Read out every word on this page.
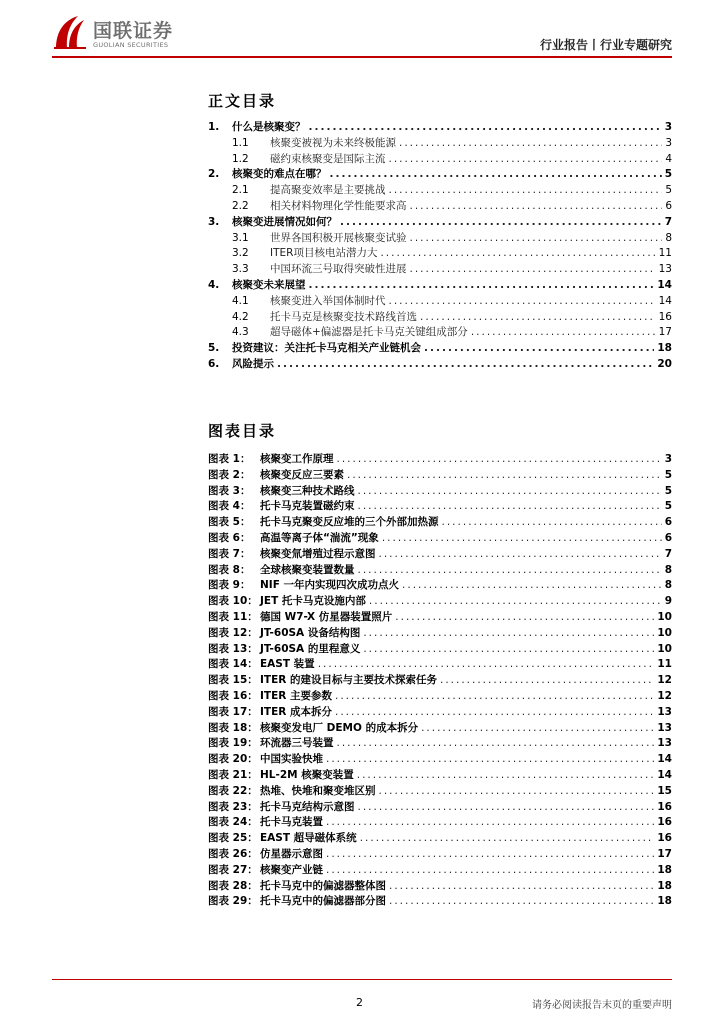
国联证券
GUOLIAN SECURITIES	行业报告丨行业专题研究
正文目录
1.	什么是核聚变？ .....	3
1.1	核聚变被视为未来终极能源 .....	3
1.2	磁约束核聚变是国际主流 .....	4
2.	核聚变的难点在哪？ .....	5
2.1	提高聚变效率是主要挑战 .....	5
2.2	相关材料物理化学性能要求高 .....	6
3.	核聚变进展情况如何？ .....	7
3.1	世界各国积极开展核聚变试验 .....	8
3.2	ITER项目核电站潜力大 .....	11
3.3	中国环流三号取得突破性进展 .....	13
4.	核聚变未来展望 .....	14
4.1	核聚变进入举国体制时代 .....	14
4.2	托卡马克是核聚变技术路线首选 .....	16
4.3	超导磁体+偏滤器是托卡马克关键组成部分 .....	17
5.	投资建议：关注托卡马克相关产业链机会 .....	18
6.	风险提示 .....	20
图表目录
图表 1： 核聚变工作原理 .....	3
图表 2： 核聚变反应三要素 .....	5
图表 3： 核聚变三种技术路线 .....	5
图表 4： 托卡马克装置磁约束 .....	5
图表 5： 托卡马克聚变反应堆的三个外部加热源 .....	6
图表 6： 高温等离子体“湍流”现象 .....	6
图表 7： 核聚变氚增殖过程示意图 .....	7
图表 8： 全球核聚变装置数量 .....	8
图表 9： NIF 一年内实现四次成功点火 .....	8
图表 10： JET 托卡马克设施内部 .....	9
图表 11： 德国 W7-X 仿星器装置照片 .....	10
图表 12： JT-60SA 设备结构图 .....	10
图表 13： JT-60SA 的里程意义 .....	10
图表 14： EAST 装置 .....	11
图表 15： ITER 的建设目标与主要技术探索任务 .....	12
图表 16： ITER 主要参数 .....	12
图表 17： ITER 成本拆分 .....	13
图表 18： 核聚变发电厂 DEMO 的成本拆分 .....	13
图表 19： 环流器三号装置 .....	13
图表 20： 中国实验快堆 .....	14
图表 21： HL-2M 核聚变装置 .....	14
图表 22： 热堆、快堆和聚变堆区别 .....	15
图表 23： 托卡马克结构示意图 .....	16
图表 24： 托卡马克装置 .....	16
图表 25： EAST 超导磁体系统 .....	16
图表 26： 仿星器示意图 .....	17
图表 27： 核聚变产业链 .....	18
图表 28： 托卡马克中的偏滤器整体图 .....	18
图表 29： 托卡马克中的偏滤器部分图 .....	18
2	请务必阅读报告末页的重要声明
